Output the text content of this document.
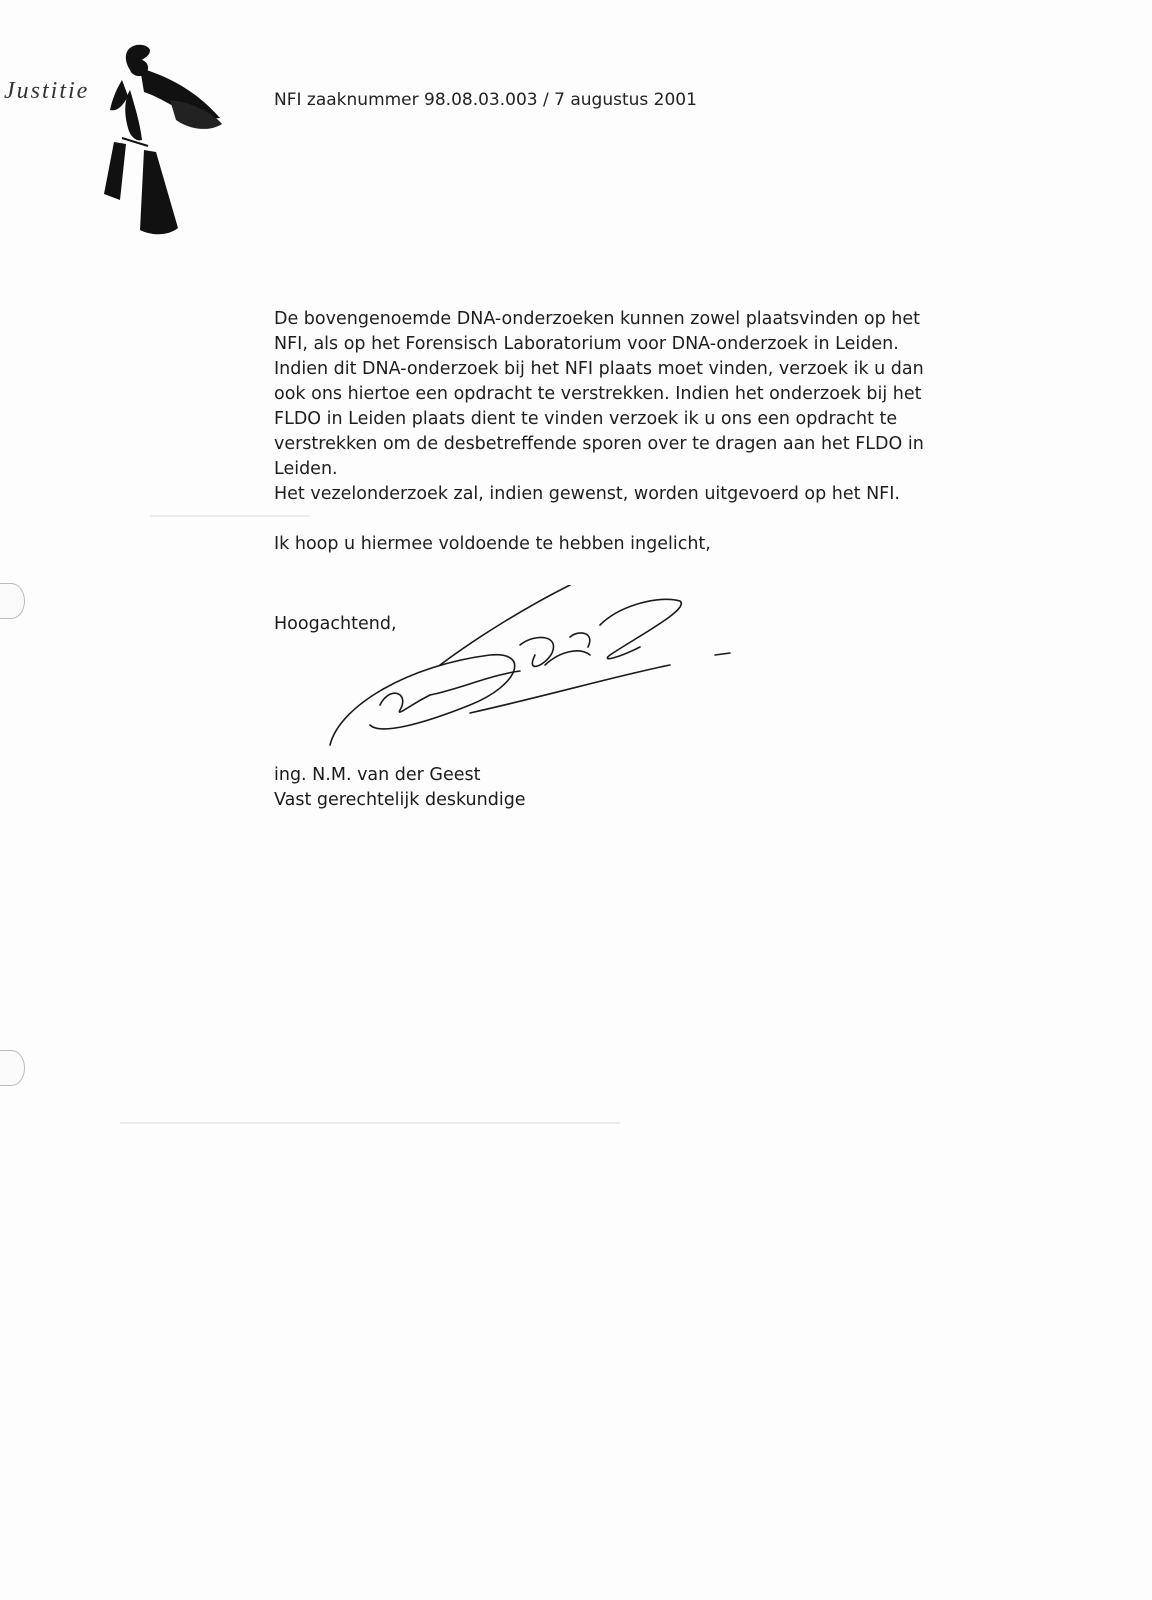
Justitie	NFI zaaknummer 98.08.03.003 / 7 augustus 2001

De bovengenoemde DNA-onderzoeken kunnen zowel plaatsvinden op het

NFI, als op het Forensisch Laboratorium voor DNA-onderzoek in Leiden.

Indien dit DNA-onderzoek bij het NFI plaats moet vinden, verzoek ik u dan

ook ons hiertoe een opdracht te verstrekken. Indien het onderzoek bij het

FLDO in Leiden plaats dient te vinden verzoek ik u ons een opdracht te

verstrekken om de desbetreffende sporen over te dragen aan het FLDO in

Leiden.

Het vezelonderzoek zal, indien gewenst, worden uitgevoerd op het NFI.

Ik hoop u hiermee voldoende te hebben ingelicht,

Hoogachtend,
ing. N.M. van der Geest
Vast gerechtelijk deskundige
